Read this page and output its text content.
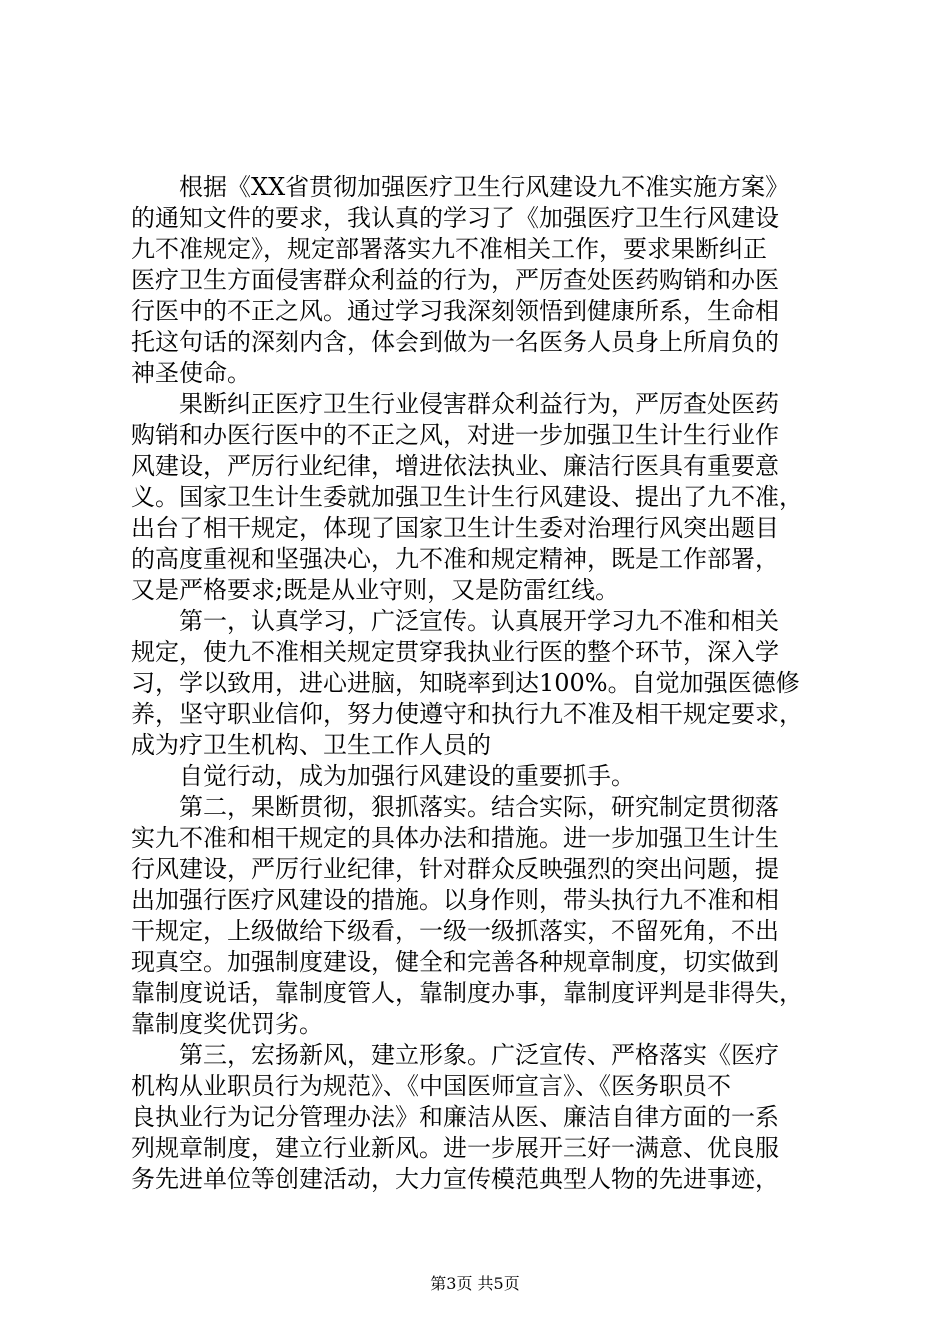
根据《XX省贯彻加强医疗卫生行风建设九不准实施方案》
的通知文件的要求，我认真的学习了《加强医疗卫生行风建设
九不准规定》，规定部署落实九不准相关工作，要求果断纠正
医疗卫生方面侵害群众利益的行为，严厉查处医药购销和办医
行医中的不正之风。通过学习我深刻领悟到健康所系，生命相
托这句话的深刻内含，体会到做为一名医务人员身上所肩负的
神圣使命。
果断纠正医疗卫生行业侵害群众利益行为，严厉查处医药
购销和办医行医中的不正之风，对进一步加强卫生计生行业作
风建设，严厉行业纪律，增进依法执业、廉洁行医具有重要意
义。国家卫生计生委就加强卫生计生行风建设、提出了九不准，
出台了相干规定，体现了国家卫生计生委对治理行风突出题目
的高度重视和坚强决心，九不准和规定精神，既是工作部署，
又是严格要求;既是从业守则，又是防雷红线。
第一，认真学习，广泛宣传。认真展开学习九不准和相关
规定，使九不准相关规定贯穿我执业行医的整个环节，深入学
习，学以致用，进心进脑，知晓率到达100%。自觉加强医德修
养，坚守职业信仰，努力使遵守和执行九不准及相干规定要求，
成为疗卫生机构、卫生工作人员的
自觉行动，成为加强行风建设的重要抓手。
第二，果断贯彻，狠抓落实。结合实际，研究制定贯彻落
实九不准和相干规定的具体办法和措施。进一步加强卫生计生
行风建设，严厉行业纪律，针对群众反映强烈的突出问题，提
出加强行医疗风建设的措施。以身作则，带头执行九不准和相
干规定，上级做给下级看，一级一级抓落实，不留死角，不出
现真空。加强制度建设，健全和完善各种规章制度，切实做到
靠制度说话，靠制度管人，靠制度办事，靠制度评判是非得失，
靠制度奖优罚劣。
第三，宏扬新风，建立形象。广泛宣传、严格落实《医疗
机构从业职员行为规范》、《中国医师宣言》、《医务职员不
良执业行为记分管理办法》和廉洁从医、廉洁自律方面的一系
列规章制度，建立行业新风。进一步展开三好一满意、优良服
务先进单位等创建活动，大力宣传模范典型人物的先进事迹，
第3页 共5页
